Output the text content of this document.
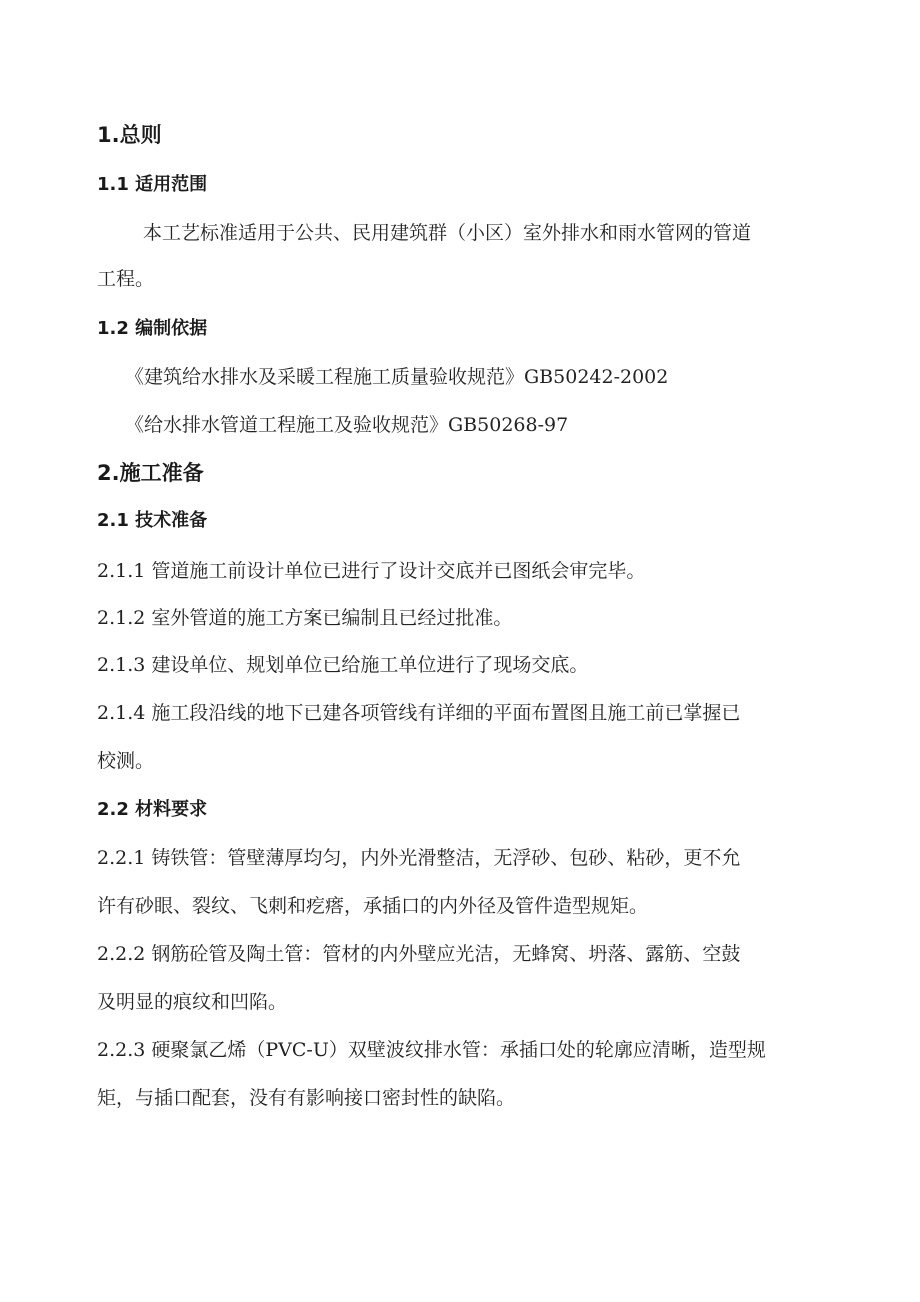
1.总则
1.1 适用范围
本工艺标准适用于公共、民用建筑群（小区）室外排水和雨水管网的管道
工程。
1.2 编制依据
《建筑给水排水及采暖工程施工质量验收规范》GB50242-2002
《给水排水管道工程施工及验收规范》GB50268-97
2.施工准备
2.1 技术准备
2.1.1 管道施工前设计单位已进行了设计交底并已图纸会审完毕。
2.1.2 室外管道的施工方案已编制且已经过批准。
2.1.3 建设单位、规划单位已给施工单位进行了现场交底。
2.1.4 施工段沿线的地下已建各项管线有详细的平面布置图且施工前已掌握已
校测。
2.2 材料要求
2.2.1 铸铁管：管壁薄厚均匀，内外光滑整洁，无浮砂、包砂、粘砂，更不允
许有砂眼、裂纹、飞刺和疙瘩，承插口的内外径及管件造型规矩。
2.2.2 钢筋砼管及陶土管：管材的内外壁应光洁，无蜂窝、坍落、露筋、空鼓
及明显的痕纹和凹陷。
2.2.3 硬聚氯乙烯（PVC-U）双壁波纹排水管：承插口处的轮廓应清晰，造型规
矩，与插口配套，没有有影响接口密封性的缺陷。
